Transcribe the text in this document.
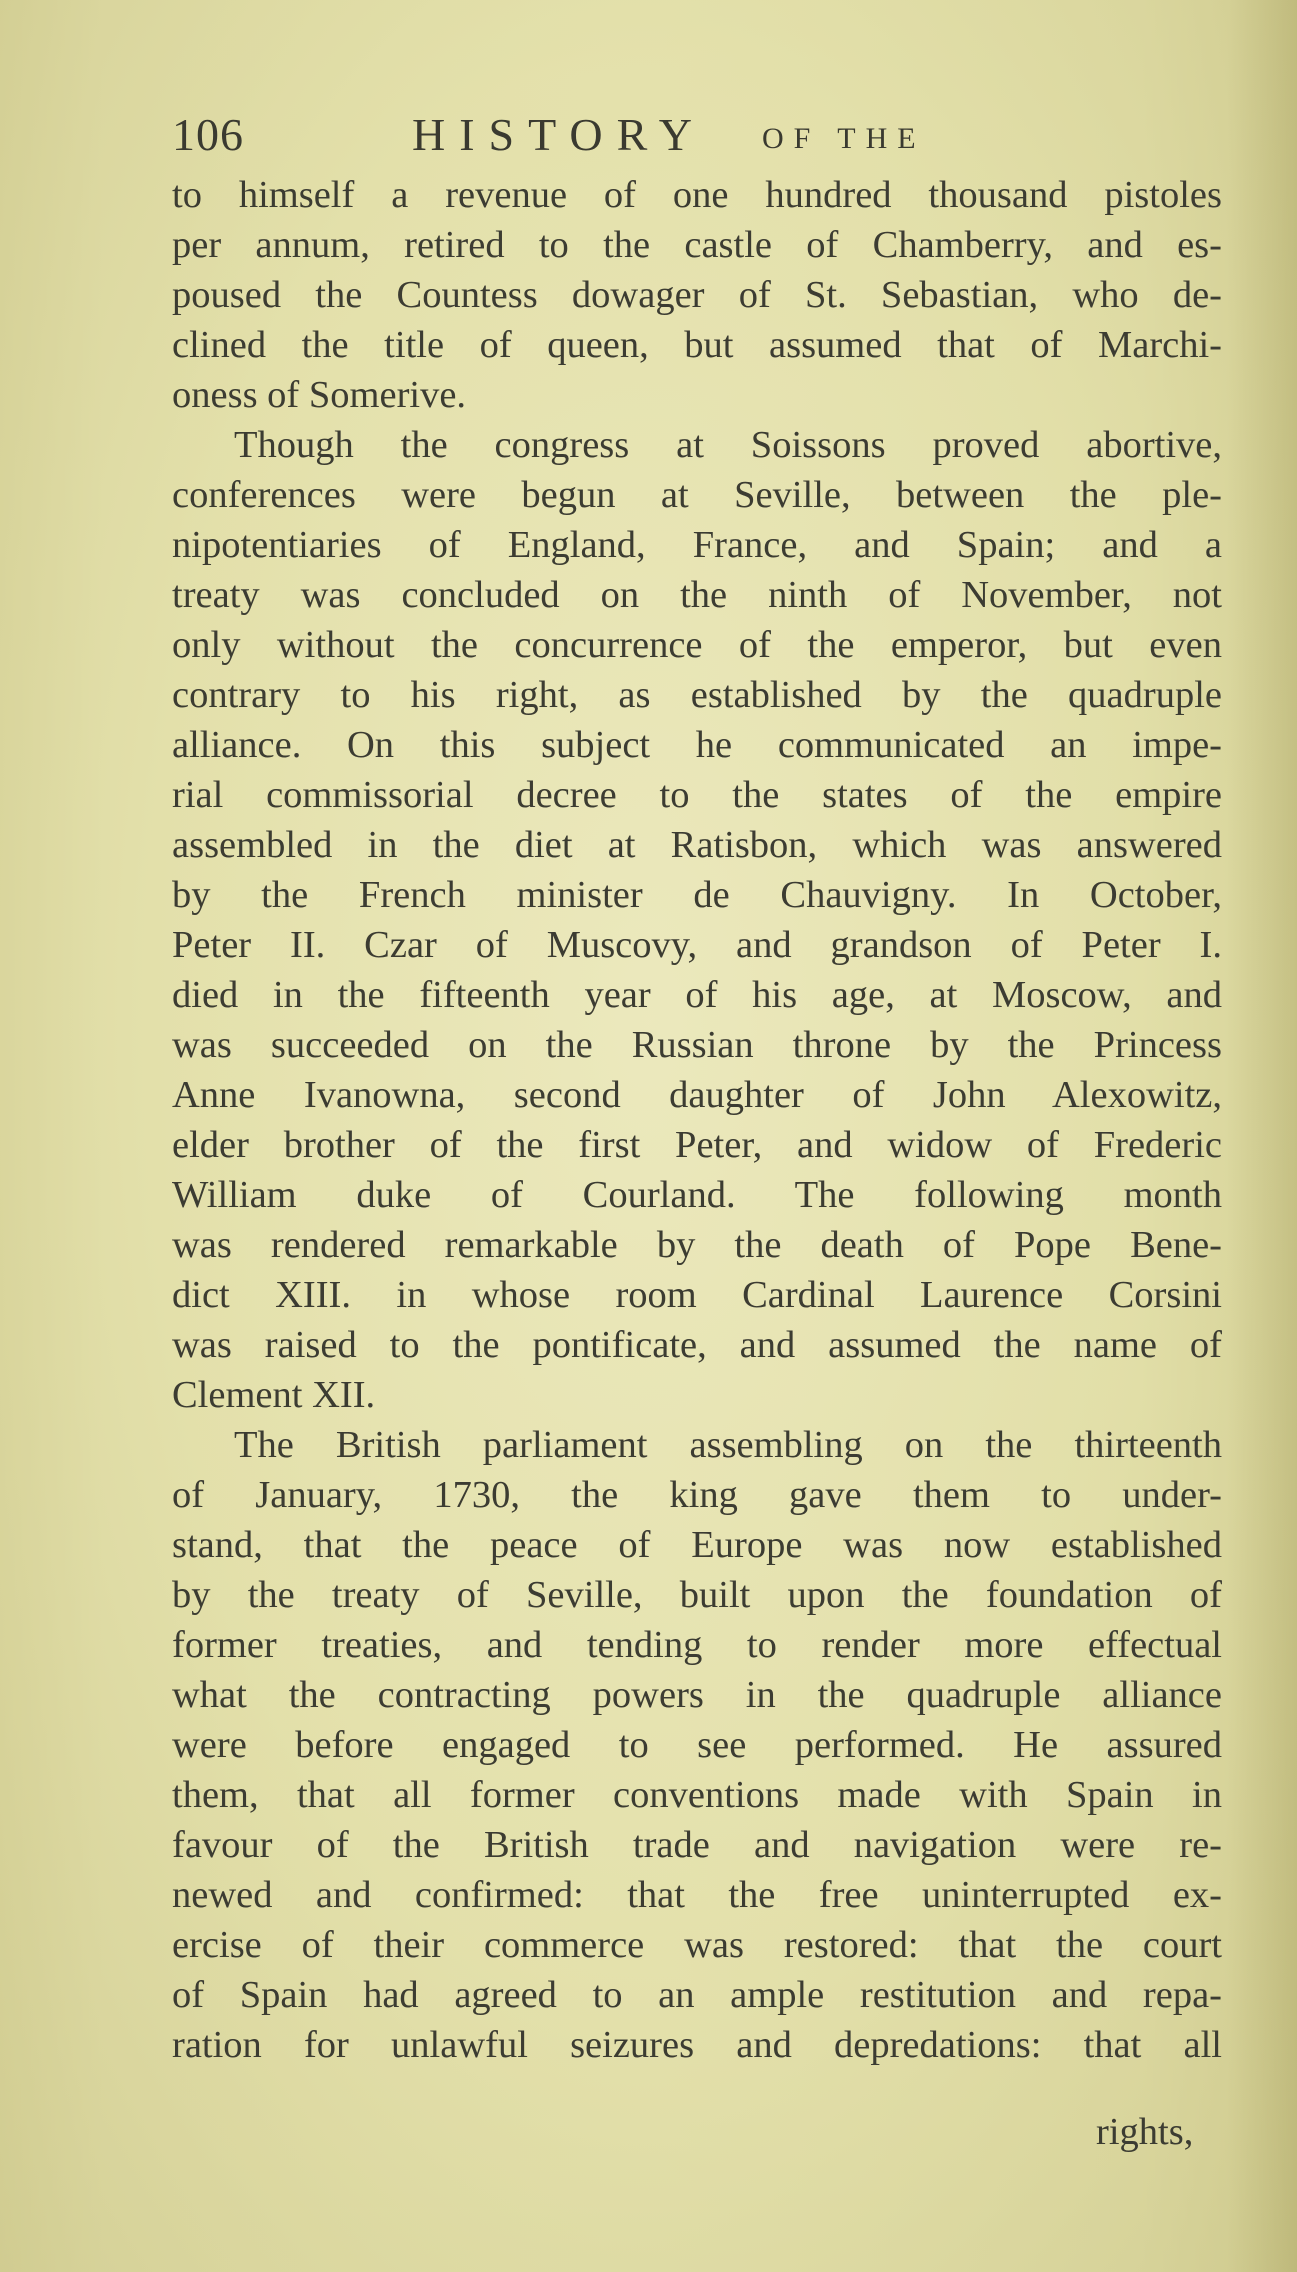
106	HISTORY OF THE
to himself a revenue of one hundred thousand pistoles
per annum, retired to the castle of Chamberry, and es-
poused the Countess dowager of St. Sebastian, who de-
clined the title of queen, but assumed that of Marchi-
oness of Somerive.
Though the congress at Soissons proved abortive,
conferences were begun at Seville, between the ple-
nipotentiaries of England, France, and Spain; and a
treaty was concluded on the ninth of November, not
only without the concurrence of the emperor, but even
contrary to his right, as established by the quadruple
alliance. On this subject he communicated an impe-
rial commissorial decree to the states of the empire
assembled in the diet at Ratisbon, which was answered
by the French minister de Chauvigny. In October,
Peter II. Czar of Muscovy, and grandson of Peter I.
died in the fifteenth year of his age, at Moscow, and
was succeeded on the Russian throne by the Princess
Anne Ivanowna, second daughter of John Alexowitz,
elder brother of the first Peter, and widow of Frederic
William duke of Courland. The following month
was rendered remarkable by the death of Pope Bene-
dict XIII. in whose room Cardinal Laurence Corsini
was raised to the pontificate, and assumed the name of
Clement XII.
The British parliament assembling on the thirteenth
of January, 1730, the king gave them to under-
stand, that the peace of Europe was now established
by the treaty of Seville, built upon the foundation of
former treaties, and tending to render more effectual
what the contracting powers in the quadruple alliance
were before engaged to see performed. He assured
them, that all former conventions made with Spain in
favour of the British trade and navigation were re-
newed and confirmed: that the free uninterrupted ex-
ercise of their commerce was restored: that the court
of Spain had agreed to an ample restitution and repa-
ration for unlawful seizures and depredations: that all
rights,
